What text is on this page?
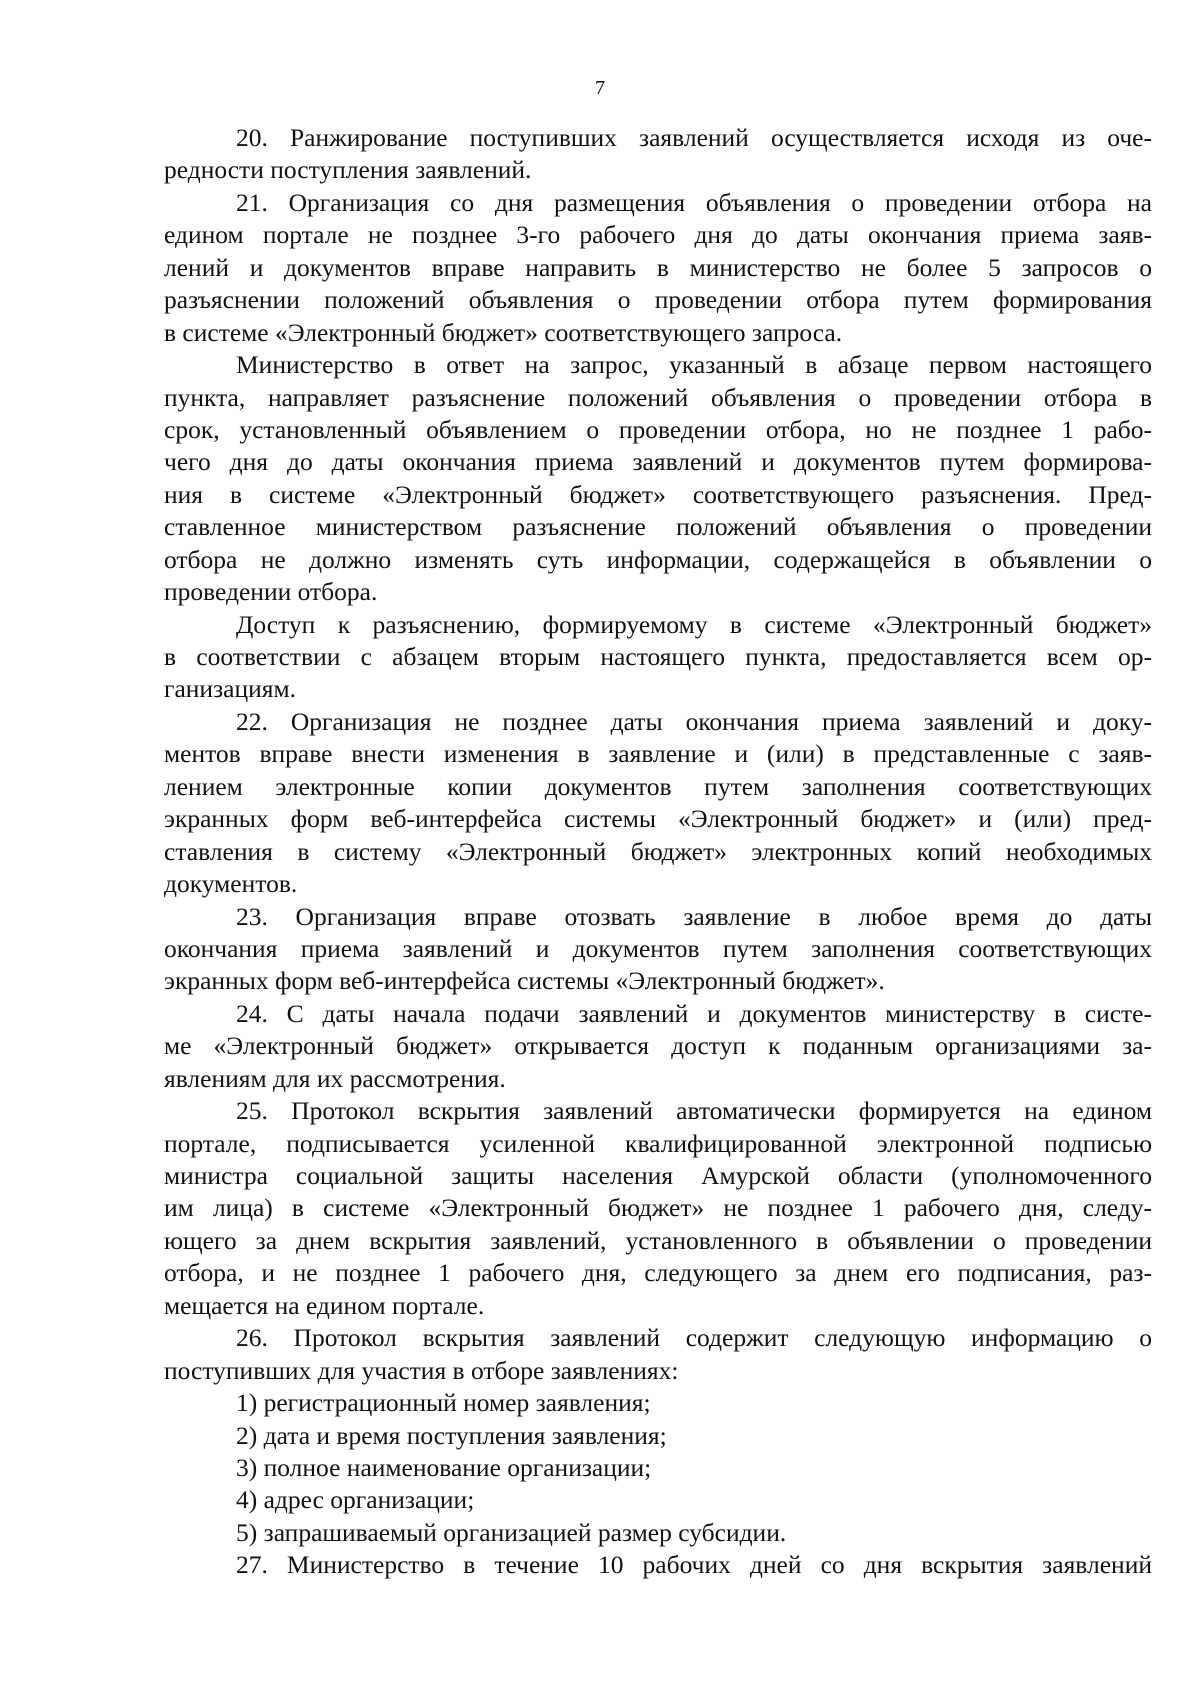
7
20. Ранжирование поступивших заявлений осуществляется исходя из оче-
редности поступления заявлений.
21. Организация со дня размещения объявления о проведении отбора на
едином портале не позднее 3-го рабочего дня до даты окончания приема заяв-
лений и документов вправе направить в министерство не более 5 запросов о
разъяснении положений объявления о проведении отбора путем формирования
в системе «Электронный бюджет» соответствующего запроса.
Министерство в ответ на запрос, указанный в абзаце первом настоящего
пункта, направляет разъяснение положений объявления о проведении отбора в
срок, установленный объявлением о проведении отбора, но не позднее 1 рабо-
чего дня до даты окончания приема заявлений и документов путем формирова-
ния в системе «Электронный бюджет» соответствующего разъяснения. Пред-
ставленное министерством разъяснение положений объявления о проведении
отбора не должно изменять суть информации, содержащейся в объявлении о
проведении отбора.
Доступ к разъяснению, формируемому в системе «Электронный бюджет»
в соответствии с абзацем вторым настоящего пункта, предоставляется всем ор-
ганизациям.
22. Организация не позднее даты окончания приема заявлений и доку-
ментов вправе внести изменения в заявление и (или) в представленные с заяв-
лением электронные копии документов путем заполнения соответствующих
экранных форм веб-интерфейса системы «Электронный бюджет» и (или) пред-
ставления в систему «Электронный бюджет» электронных копий необходимых
документов.
23. Организация вправе отозвать заявление в любое время до даты
окончания приема заявлений и документов путем заполнения соответствующих
экранных форм веб-интерфейса системы «Электронный бюджет».
24. С даты начала подачи заявлений и документов министерству в систе-
ме «Электронный бюджет» открывается доступ к поданным организациями за-
явлениям для их рассмотрения.
25. Протокол вскрытия заявлений автоматически формируется на едином
портале, подписывается усиленной квалифицированной электронной подписью
министра социальной защиты населения Амурской области (уполномоченного
им лица) в системе «Электронный бюджет» не позднее 1 рабочего дня, следу-
ющего за днем вскрытия заявлений, установленного в объявлении о проведении
отбора, и не позднее 1 рабочего дня, следующего за днем его подписания, раз-
мещается на едином портале.
26. Протокол вскрытия заявлений содержит следующую информацию о
поступивших для участия в отборе заявлениях:
1) регистрационный номер заявления;
2) дата и время поступления заявления;
3) полное наименование организации;
4) адрес организации;
5) запрашиваемый организацией размер субсидии.
27. Министерство в течение 10 рабочих дней со дня вскрытия заявлений
